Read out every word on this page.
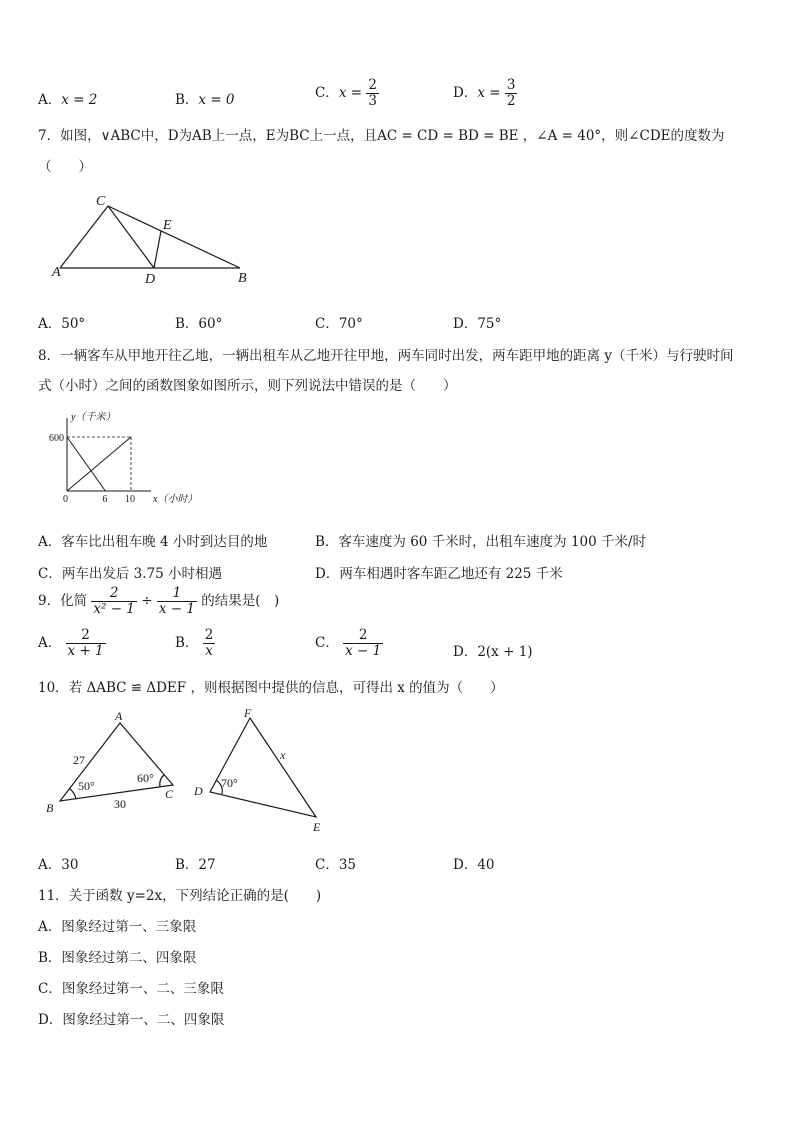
A．x = 2	B．x = 0	C．$x = \frac{2}{3}$	D．$x = \frac{3}{2}$
7．如图，∨ABC中，D为AB上一点，E为BC上一点，且AC = CD = BD = BE ，∠A = 40°，则∠CDE的度数为
（　　）
C
A	D
E
B
A．50°	B．60°	C．70°	D．75°
8．一辆客车从甲地开往乙地，一辆出租车从乙地开往甲地，两车同时出发，两车距甲地的距离 y（千米）与行驶时间
式（小时）之间的函数图象如图所示，则下列说法中错误的是（　　）
0	6 10
600
x（小时）
y（千米）
A．客车比出租车晚 4 小时到达目的地	B．客车速度为 60 千米时，出租车速度为 100 千米/时
C．两车出发后 3.75 小时相遇	D．两车相遇时客车距乙地还有 225 千米
9．化简 $\frac{2}{\text{x² − 1}} \div \frac{1}{x - 1}$ 的结果是(　)
A． $\frac{2}{x + 1}$	B． $\frac{2}{x}$	C． $\frac{2}{x - 1}$	D．2(x + 1)
10．若 ΔABC ≌ ΔDEF ，则根据图中提供的信息，可得出 x 的值为（　　）
A
B
C
27
30
50°
60°
F
D
E
x
70°
A．30	B．27	C．35	D．40
11．关于函数 y=2x，下列结论正确的是(　　)
A．图象经过第一、三象限
B．图象经过第二、四象限
C．图象经过第一、二、三象限
D．图象经过第一、二、四象限
